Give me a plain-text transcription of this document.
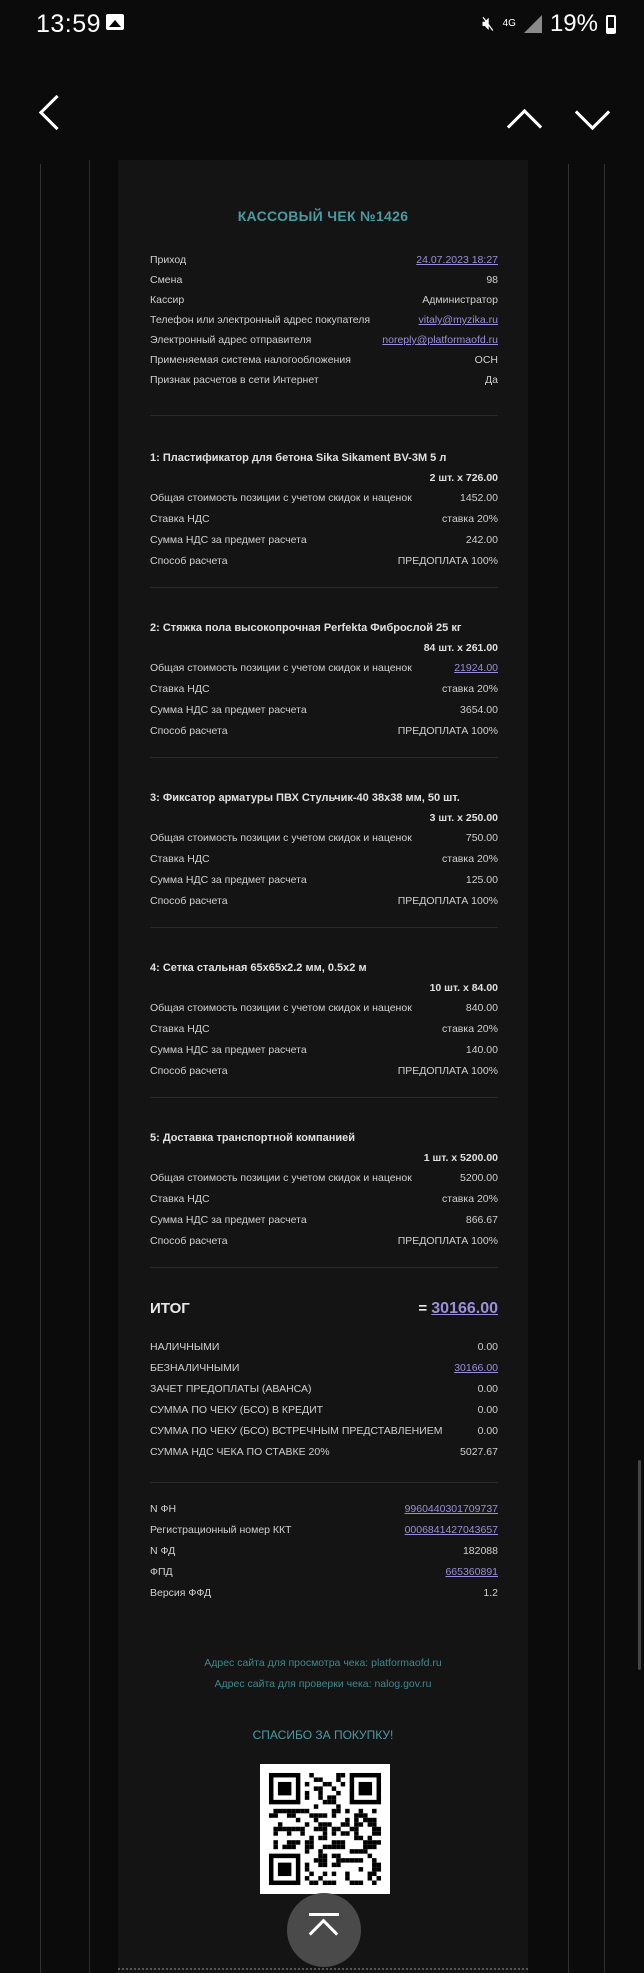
13:59	🔇︎ 4G 19%
КАССОВЫЙ ЧЕК №1426
Приход	24.07.2023 18:27
Смена	98
Кассир	Администратор
Телефон или электронный адрес покупателя	vitaly@myzika.ru
Электронный адрес отправителя	noreply@platformaofd.ru
Применяемая система налогообложения	ОСН
Признак расчетов в сети Интернет	Да
1: Пластификатор для бетона Sika Sikament BV-3M 5 л
2 шт. x 726.00
Общая стоимость позиции с учетом скидок и наценок	1452.00
Ставка НДС	ставка 20%
Сумма НДС за предмет расчета	242.00
Способ расчета	ПРЕДОПЛАТА 100%
2: Стяжка пола высокопрочная Perfekta Фиброслой 25 кг
84 шт. x 261.00
Общая стоимость позиции с учетом скидок и наценок	21924.00
Ставка НДС	ставка 20%
Сумма НДС за предмет расчета	3654.00
Способ расчета	ПРЕДОПЛАТА 100%
3: Фиксатор арматуры ПВХ Стульчик-40 38х38 мм, 50 шт.
3 шт. x 250.00
Общая стоимость позиции с учетом скидок и наценок	750.00
Ставка НДС	ставка 20%
Сумма НДС за предмет расчета	125.00
Способ расчета	ПРЕДОПЛАТА 100%
4: Сетка стальная 65х65х2.2 мм, 0.5х2 м
10 шт. x 84.00
Общая стоимость позиции с учетом скидок и наценок	840.00
Ставка НДС	ставка 20%
Сумма НДС за предмет расчета	140.00
Способ расчета	ПРЕДОПЛАТА 100%
5: Доставка транспортной компанией
1 шт. x 5200.00
Общая стоимость позиции с учетом скидок и наценок	5200.00
Ставка НДС	ставка 20%
Сумма НДС за предмет расчета	866.67
Способ расчета	ПРЕДОПЛАТА 100%
ИТОГ	= 30166.00
НАЛИЧНЫМИ	0.00
БЕЗНАЛИЧНЫМИ	30166.00
ЗАЧЕТ ПРЕДОПЛАТЫ (АВАНСА)	0.00
СУММА ПО ЧЕКУ (БСО) В КРЕДИТ	0.00
СУММА ПО ЧЕКУ (БСО) ВСТРЕЧНЫМ ПРЕДСТАВЛЕНИЕМ	0.00
СУММА НДС ЧЕКА ПО СТАВКЕ 20%	5027.67
N ФН	9960440301709737
Регистрационный номер ККТ	0006841427043657
N ФД	182088
ФПД	665360891
Версия ФФД	1.2
Адрес сайта для просмотра чека: platformaofd.ru
Адрес сайта для проверки чека: nalog.gov.ru
СПАСИБО ЗА ПОКУПКУ!
